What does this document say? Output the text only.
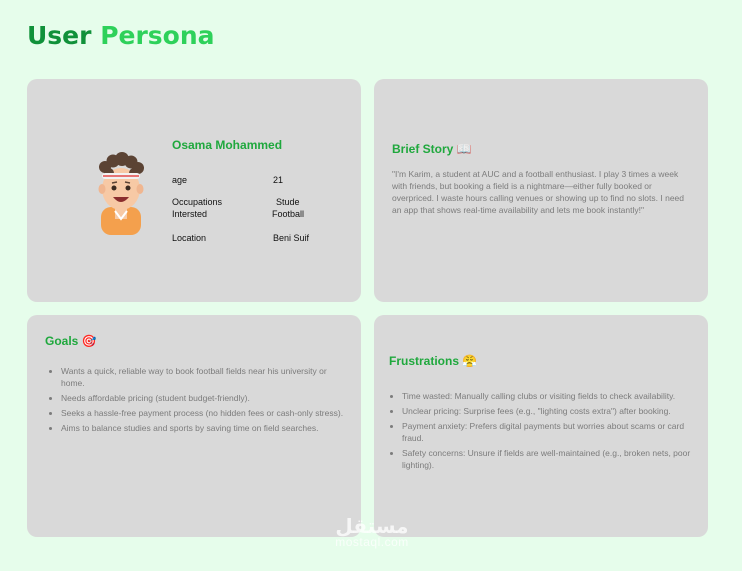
User Persona

Osama Mohammed

age	21
Occupations	Stude
Intersted	Football
Location	Beni Suif

Brief Story 📖

"I'm Karim, a student at AUC and a football enthusiast. I play 3 times a week with friends, but booking a field is a nightmare—either fully booked or overpriced. I waste hours calling venues or showing up to find no slots. I need an app that shows real-time availability and lets me book instantly!"

Goals 🎯

• Wants a quick, reliable way to book football fields near his university or home.
• Needs affordable pricing (student budget-friendly).
• Seeks a hassle-free payment process (no hidden fees or cash-only stress).
• Aims to balance studies and sports by saving time on field searches.

Frustrations 😤

• Time wasted: Manually calling clubs or visiting fields to check availability.
• Unclear pricing: Surprise fees (e.g., "lighting costs extra") after booking.
• Payment anxiety: Prefers digital payments but worries about scams or card fraud.
• Safety concerns: Unsure if fields are well-maintained (e.g., broken nets, poor lighting).
مستقل
mostaql.com
